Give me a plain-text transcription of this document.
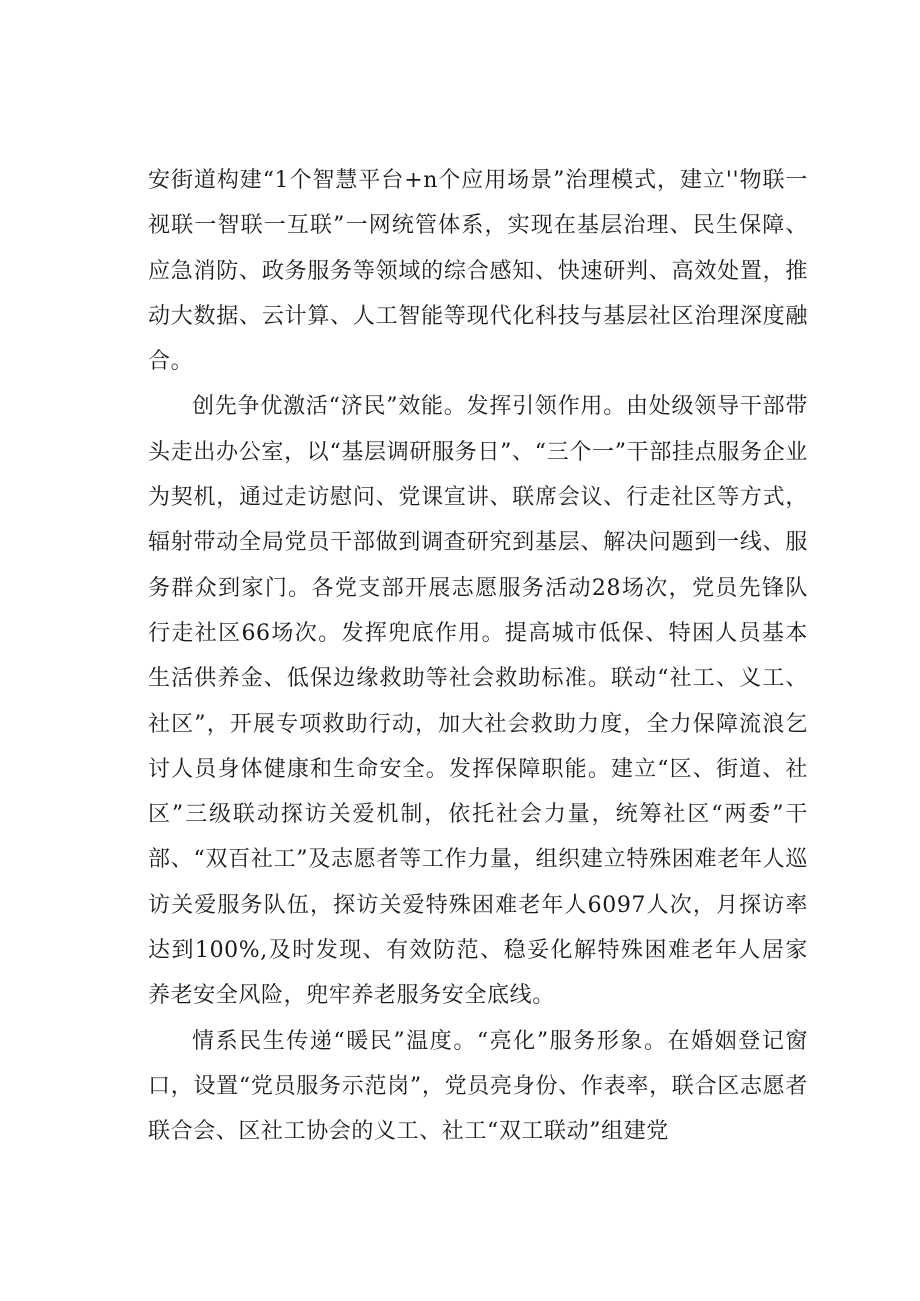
安街道构建“1个智慧平台+n个应用场景”治理模式，建立''物联一视联一智联一互联”一网统管体系，实现在基层治理、民生保障、应急消防、政务服务等领域的综合感知、快速研判、高效处置，推动大数据、云计算、人工智能等现代化科技与基层社区治理深度融合。

创先争优激活“济民”效能。发挥引领作用。由处级领导干部带头走出办公室，以“基层调研服务日”、“三个一”干部挂点服务企业为契机，通过走访慰问、党课宣讲、联席会议、行走社区等方式，辐射带动全局党员干部做到调查研究到基层、解决问题到一线、服务群众到家门。各党支部开展志愿服务活动28场次，党员先锋队行走社区66场次。发挥兜底作用。提高城市低保、特困人员基本生活供养金、低保边缘救助等社会救助标准。联动“社工、义工、社区”，开展专项救助行动，加大社会救助力度，全力保障流浪乞讨人员身体健康和生命安全。发挥保障职能。建立“区、街道、社区”三级联动探访关爱机制，依托社会力量，统筹社区“两委”干部、“双百社工”及志愿者等工作力量，组织建立特殊困难老年人巡访关爱服务队伍，探访关爱特殊困难老年人6097人次，月探访率达到100%,及时发现、有效防范、稳妥化解特殊困难老年人居家养老安全风险，兜牢养老服务安全底线。

情系民生传递“暖民”温度。“亮化”服务形象。在婚姻登记窗口，设置“党员服务示范岗”，党员亮身份、作表率，联合区志愿者联合会、区社工协会的义工、社工“双工联动”组建党
